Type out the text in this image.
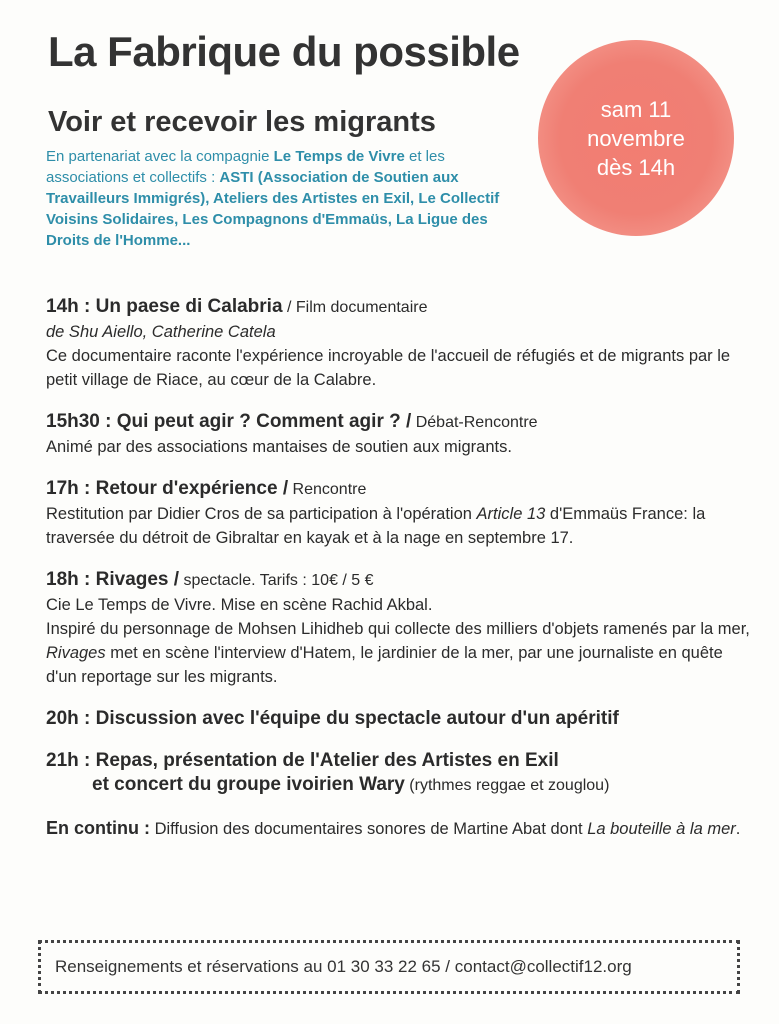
La Fabrique du possible
Voir et recevoir les migrants
En partenariat avec la compagnie Le Temps de Vivre et les associations et collectifs : ASTI (Association de Soutien aux Travailleurs Immigrés), Ateliers des Artistes en Exil, Le Collectif Voisins Solidaires, Les Compagnons d'Emmaüs, La Ligue des Droits de l'Homme...
sam 11
novembre
dès 14h
14h : Un paese di Calabria / Film documentaire

de Shu Aiello, Catherine Catela

Ce documentaire raconte l'expérience incroyable de l'accueil de réfugiés et de migrants par le petit village de Riace, au cœur de la Calabre.

15h30 : Qui peut agir ? Comment agir ? / Débat-Rencontre

Animé par des associations mantaises de soutien aux migrants.

17h : Retour d'expérience / Rencontre

Restitution par Didier Cros de sa participation à l'opération Article 13 d'Emmaüs France: la traversée du détroit de Gibraltar en kayak et à la nage en septembre 17.

18h : Rivages / spectacle. Tarifs : 10€ / 5 €

Cie Le Temps de Vivre. Mise en scène Rachid Akbal.

Inspiré du personnage de Mohsen Lihidheb qui collecte des milliers d'objets ramenés par la mer, Rivages met en scène l'interview d'Hatem, le jardinier de la mer, par une journaliste en quête d'un reportage sur les migrants.

20h : Discussion avec l'équipe du spectacle autour d'un apéritif
21h : Repas, présentation de l'Atelier des Artistes en Exil
et concert du groupe ivoirien Wary (rythmes reggae et zouglou)

En continu : Diffusion des documentaires sonores de Martine Abat dont La bouteille à la mer.

Renseignements et réservations au 01 30 33 22 65 / contact@collectif12.org
